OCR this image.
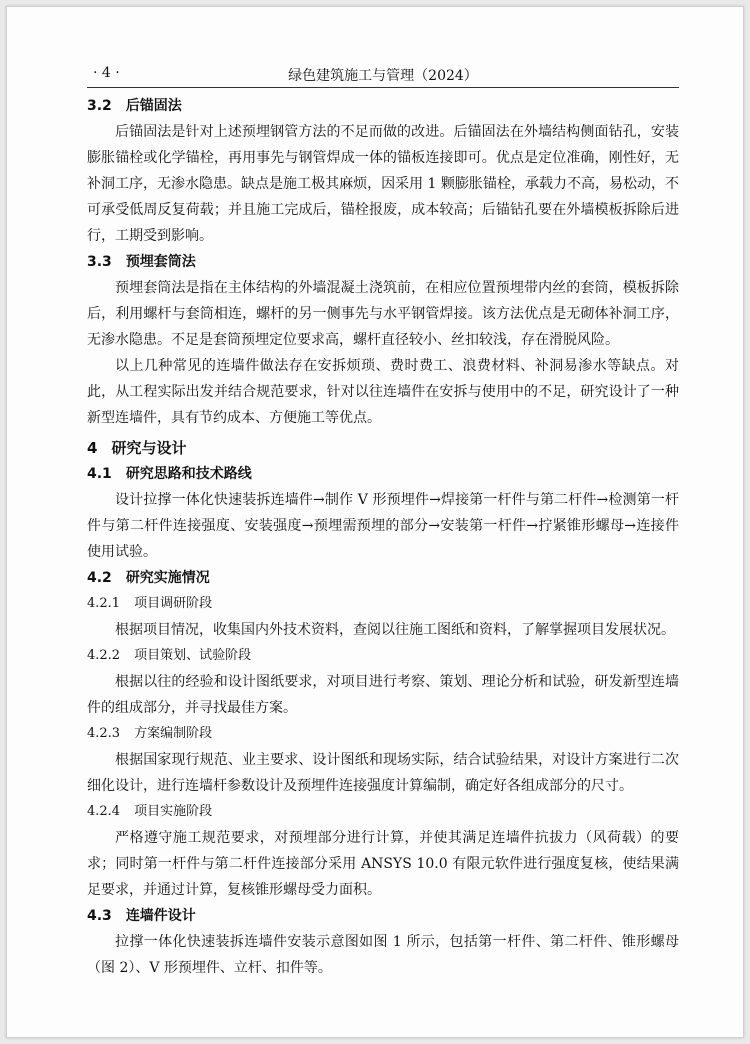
· 4 ·	绿色建筑施工与管理（2024）
3.2 后锚固法

后锚固法是针对上述预埋钢管方法的不足而做的改进。后锚固法在外墙结构侧面钻孔，安装膨胀锚栓或化学锚栓，再用事先与钢管焊成一体的锚板连接即可。优点是定位准确，刚性好，无补洞工序，无渗水隐患。缺点是施工极其麻烦，因采用 1 颗膨胀锚栓，承载力不高，易松动，不可承受低周反复荷载；并且施工完成后，锚栓报废，成本较高；后锚钻孔要在外墙模板拆除后进行，工期受到影响。

3.3 预埋套筒法

预埋套筒法是指在主体结构的外墙混凝土浇筑前，在相应位置预埋带内丝的套筒，模板拆除后，利用螺杆与套筒相连，螺杆的另一侧事先与水平钢管焊接。该方法优点是无砌体补洞工序，无渗水隐患。不足是套筒预埋定位要求高，螺杆直径较小、丝扣较浅，存在滑脱风险。

以上几种常见的连墙件做法存在安拆烦琐、费时费工、浪费材料、补洞易渗水等缺点。对此，从工程实际出发并结合规范要求，针对以往连墙件在安拆与使用中的不足，研究设计了一种新型连墙件，具有节约成本、方便施工等优点。

4 研究与设计
4.1 研究思路和技术路线

设计拉撑一体化快速装拆连墙件→制作 V 形预埋件→焊接第一杆件与第二杆件→检测第一杆件与第二杆件连接强度、安装强度→预埋需预埋的部分→安装第一杆件→拧紧锥形螺母→连接件使用试验。

4.2 研究实施情况
4.2.1 项目调研阶段

根据项目情况，收集国内外技术资料，查阅以往施工图纸和资料，了解掌握项目发展状况。

4.2.2 项目策划、试验阶段

根据以往的经验和设计图纸要求，对项目进行考察、策划、理论分析和试验，研发新型连墙件的组成部分，并寻找最佳方案。

4.2.3 方案编制阶段

根据国家现行规范、业主要求、设计图纸和现场实际，结合试验结果，对设计方案进行二次细化设计，进行连墙杆参数设计及预埋件连接强度计算编制，确定好各组成部分的尺寸。

4.2.4 项目实施阶段

严格遵守施工规范要求，对预埋部分进行计算，并使其满足连墙件抗拔力（风荷载）的要求；同时第一杆件与第二杆件连接部分采用 ANSYS 10.0 有限元软件进行强度复核，使结果满足要求，并通过计算，复核锥形螺母受力面积。

4.3 连墙件设计

拉撑一体化快速装拆连墙件安装示意图如图 1 所示，包括第一杆件、第二杆件、锥形螺母（图 2）、V 形预埋件、立杆、扣件等。
